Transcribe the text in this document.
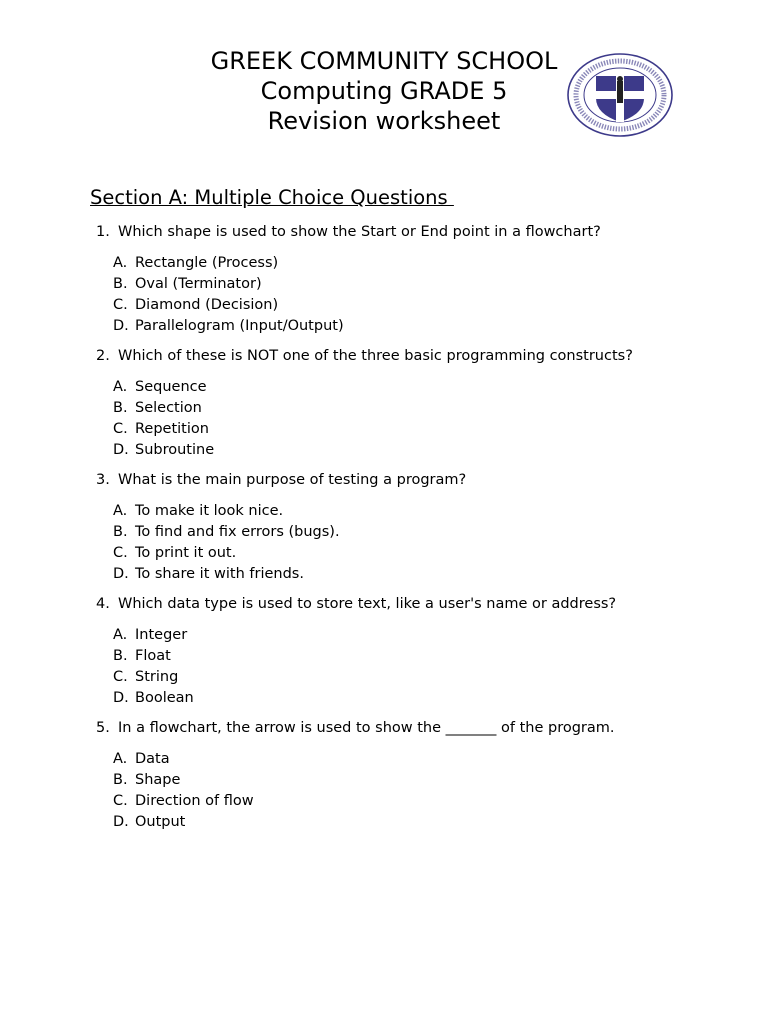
GREEK COMMUNITY SCHOOL
Computing GRADE 5
Revision worksheet
Section A: Multiple Choice Questions
1. Which shape is used to show the Start or End point in a flowchart?
A. Rectangle (Process)
B. Oval (Terminator)
C. Diamond (Decision)
D. Parallelogram (Input/Output)
2. Which of these is NOT one of the three basic programming constructs?
A. Sequence
B. Selection
C. Repetition
D. Subroutine
3. What is the main purpose of testing a program?
A. To make it look nice.
B. To find and fix errors (bugs).
C. To print it out.
D. To share it with friends.
4. Which data type is used to store text, like a user's name or address?
A. Integer
B. Float
C. String
D. Boolean
5. In a flowchart, the arrow is used to show the _______ of the program.
A. Data
B. Shape
C. Direction of flow
D. Output
